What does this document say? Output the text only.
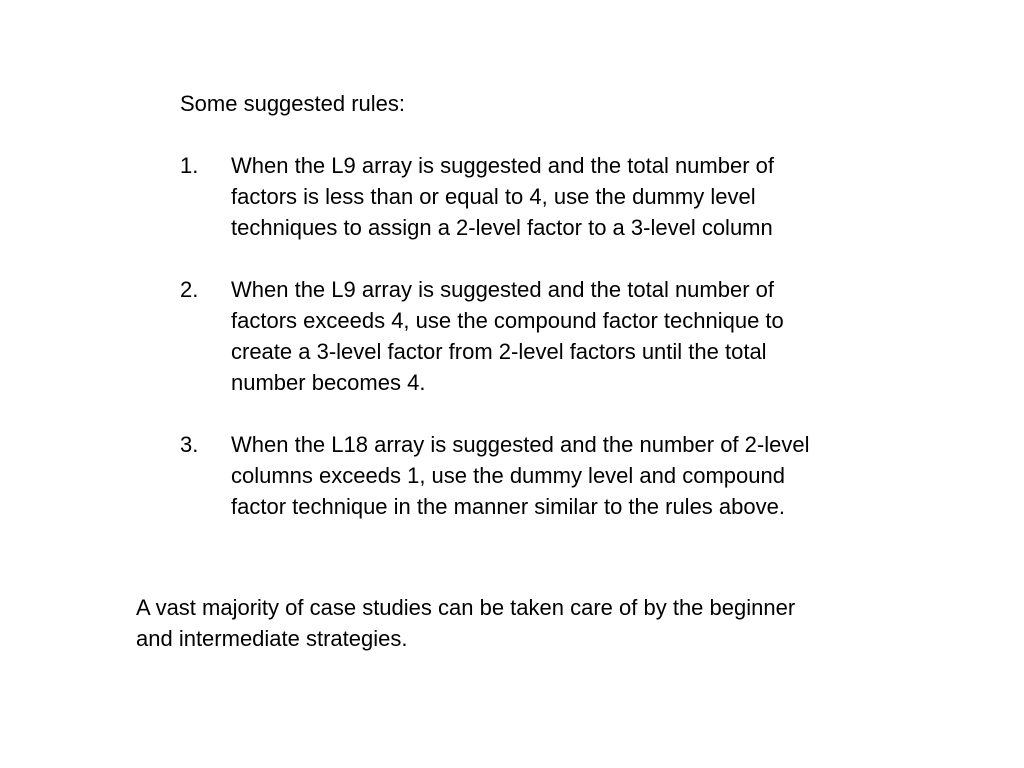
Some suggested rules:

1. When the L9 array is suggested and the total number of
factors is less than or equal to 4, use the dummy level
techniques to assign a 2-level factor to a 3-level column
2. When the L9 array is suggested and the total number of
factors exceeds 4, use the compound factor technique to
create a 3-level factor from 2-level factors until the total
number becomes 4.
3. When the L18 array is suggested and the number of 2-level
columns exceeds 1, use the dummy level and compound
factor technique in the manner similar to the rules above.
A vast majority of case studies can be taken care of by the beginner
and intermediate strategies.
